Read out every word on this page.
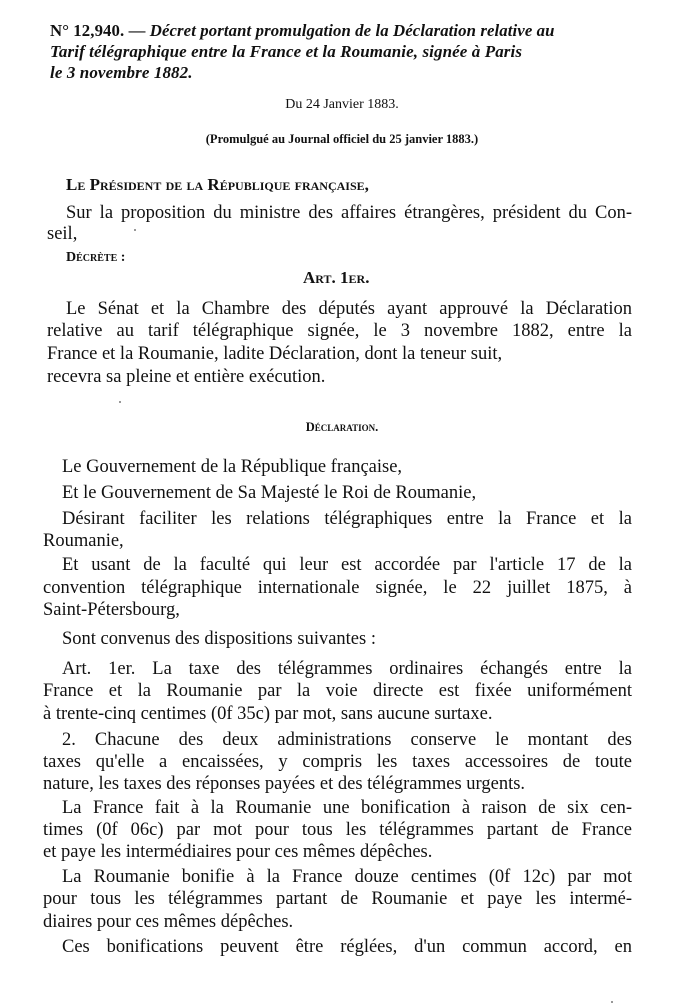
N° 12,940. — Décret portant promulgation de la Déclaration relative au
Tarif télégraphique entre la France et la Roumanie, signée à Paris
le 3 novembre 1882.
Du 24 Janvier 1883.
(Promulgué au Journal officiel du 25 janvier 1883.)
Le Président de la République française,
Sur la proposition du ministre des affaires étrangères, président du Con-
seil,
Décrète :
Art. 1er.
Le Sénat et la Chambre des députés ayant approuvé la Déclaration
relative au tarif télégraphique signée, le 3 novembre 1882, entre la
France et la Roumanie, ladite Déclaration, dont la teneur suit,
recevra sa pleine et entière exécution.
Déclaration.
Le Gouvernement de la République française,
Et le Gouvernement de Sa Majesté le Roi de Roumanie,
Désirant faciliter les relations télégraphiques entre la France et la
Roumanie,
Et usant de la faculté qui leur est accordée par l'article 17 de la
convention télégraphique internationale signée, le 22 juillet 1875, à
Saint-Pétersbourg,
Sont convenus des dispositions suivantes :
Art. 1er. La taxe des télégrammes ordinaires échangés entre la
France et la Roumanie par la voie directe est fixée uniformément
à trente-cinq centimes (0f 35c) par mot, sans aucune surtaxe.
2. Chacune des deux administrations conserve le montant des
taxes qu'elle a encaissées, y compris les taxes accessoires de toute
nature, les taxes des réponses payées et des télégrammes urgents.
La France fait à la Roumanie une bonification à raison de six cen-
times (0f 06c) par mot pour tous les télégrammes partant de France
et paye les intermédiaires pour ces mêmes dépêches.
La Roumanie bonifie à la France douze centimes (0f 12c) par mot
pour tous les télégrammes partant de Roumanie et paye les intermé-
diaires pour ces mêmes dépêches.
Ces bonifications peuvent être réglées, d'un commun accord, en
